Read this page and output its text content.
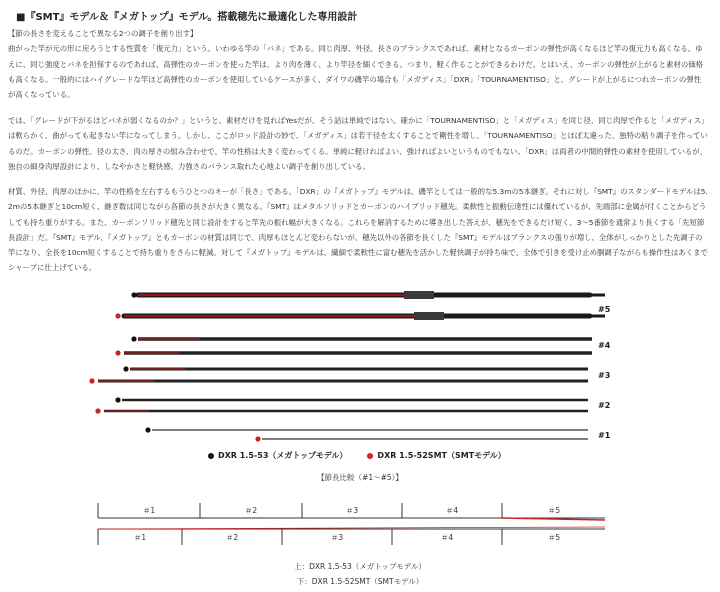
■『SMT』モデル＆『メガトップ』モデル。搭載穂先に最適化した専用設計
【節の長さを変えることで異なる2つの調子を創り出す】
曲がった竿が元の形に戻ろうとする性質を「復元力」という。いわゆる竿の「バネ」である。同じ肉厚、外径、長さのブランクスであれば、素材となるカーボンの弾性が高くなるほど竿の復元力も高くなる。ゆえに、同じ強度とバネを担保するのであれば、高弾性のカーボンを使った竿は、より肉を薄く、より竿径を細くできる。つまり、軽く作ることができるわけだ。とはいえ、カーボンの弾性が上がると素材の価格も高くなる。一般的にはハイグレードな竿ほど高弾性のカーボンを使用しているケースが多く、ダイワの磯竿の場合も「メガディス」「DXR」「TOURNAMENTISO」と、グレードが上がるにつれカーボンの弾性が高くなっている。
では、「グレードが下がるほどバネが弱くなるのか？」というと、素材だけを見ればYesだが、そう話は単純ではない。確かに「TOURNAMENTISO」と「メガディス」を同じ径、同じ肉厚で作ると「メガディス」は軟らかく、曲がっても起きない竿になってしまう。しかし、ここがロッド設計の妙で、「メガディス」は若干径を太くすることで剛性を増し、「TOURNAMENTISO」とほぼ太違った、独特の粘り調子を作っているのだ。カーボンの弾性、径の太さ、肉の厚さの組み合わせで、竿の性格は大きく変わってくる。単純に軽ければよい、強ければよいというものでもない。「DXR」は両者の中間的弾性の素材を使用しているが、独自の細身肉厚設計により、しなやかさと軽快感、力強さのバランス取れた心地よい調子を創り出している。
材質、外径、肉厚のほかに、竿の性格を左右するもうひとつのキーが「長さ」である。「DXR」の『メガトップ』モデルは、磯竿としては一般的な5.3mの5本継ぎ。それに対し『SMT』のスタンダードモデルは5.2mの5本継ぎと10cm短く、継ぎ数は同じながら各節の長さが大きく異なる。『SMT』はメタルソリッドとカーボンのハイブリッド穂先。柔軟性と振動伝達性には優れているが、先端部に金属が付くことからどうしても持ち重りがする。また、カーボンソリッド穂先と同じ設計をすると竿先の振れ幅が大きくなる。これらを解消するために導き出した答えが、穂先をできるだけ短く、3～5番節を通常より長くする「先短節長設計」だ。『SMT』モデル、『メガトップ』ともカーボンの材質は同じで、肉厚もほとんど変わらないが、穂先以外の各節を長くした『SMT』モデルはブランクスの張りが増し、全体がしっかりとした先調子の竿になり、全長を10cm短くすることで持ち重りをさらに軽減。対して『メガトップ』モデルは、繊細で柔軟性に富む穂先を活かした軽快調子が持ち味で、全体で引きを受け止め胴調子ながらも操作性はあくまでシャープに仕上げている。
#5
#4
#3
#2
#1
DXR 1.5-53（メガトップモデル）	DXR 1.5-52SMT（SMTモデル）
【節長比較（#1〜#5）】
＃1	＃2	＃3	＃4	＃5
＃1	＃2	＃3	＃4	＃5
上：DXR 1.5-53（メガトップモデル）
下：DXR 1.5-52SMT（SMTモデル）
